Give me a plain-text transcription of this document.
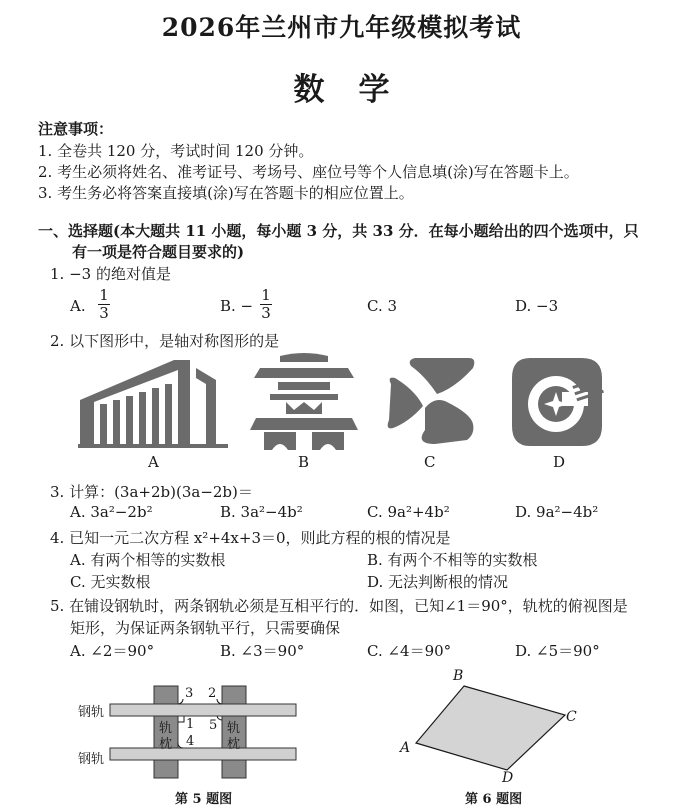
2026年兰州市九年级模拟考试
数学
注意事项：
1. 全卷共 120 分，考试时间 120 分钟。
2. 考生必须将姓名、准考证号、考场号、座位号等个人信息填(涂)写在答题卡上。
3. 考生务必将答案直接填(涂)写在答题卡的相应位置上。
一、选择题(本大题共 11 小题，每小题 3 分，共 33 分．在每小题给出的四个选项中，只
有一项是符合题目要求的)
1. −3 的绝对值是
A.
1
3	B. −
1
3	C. 3	D. −3
2. 以下图形中，是轴对称图形的是
A	B	C	D
3. 计算：(3a+2b)(3a−2b)＝
A. 3a²−2b²	B. 3a²−4b²	C. 9a²+4b²	D. 9a²−4b²
4. 已知一元二次方程 x²+4x+3＝0，则此方程的根的情况是
A. 有两个相等的实数根	B. 有两个不相等的实数根
C. 无实数根	D. 无法判断根的情况
5. 在铺设钢轨时，两条钢轨必须是互相平行的．如图，已知∠1＝90°，轨枕的俯视图是
矩形，为保证两条钢轨平行，只需要确保
A. ∠2＝90°	B. ∠3＝90°	C. ∠4＝90°	D. ∠5＝90°
钢轨
钢轨
轨
枕
轨
枕
3 2
1 5
4
第 5 题图
B
C
A
D
第 6 题图
